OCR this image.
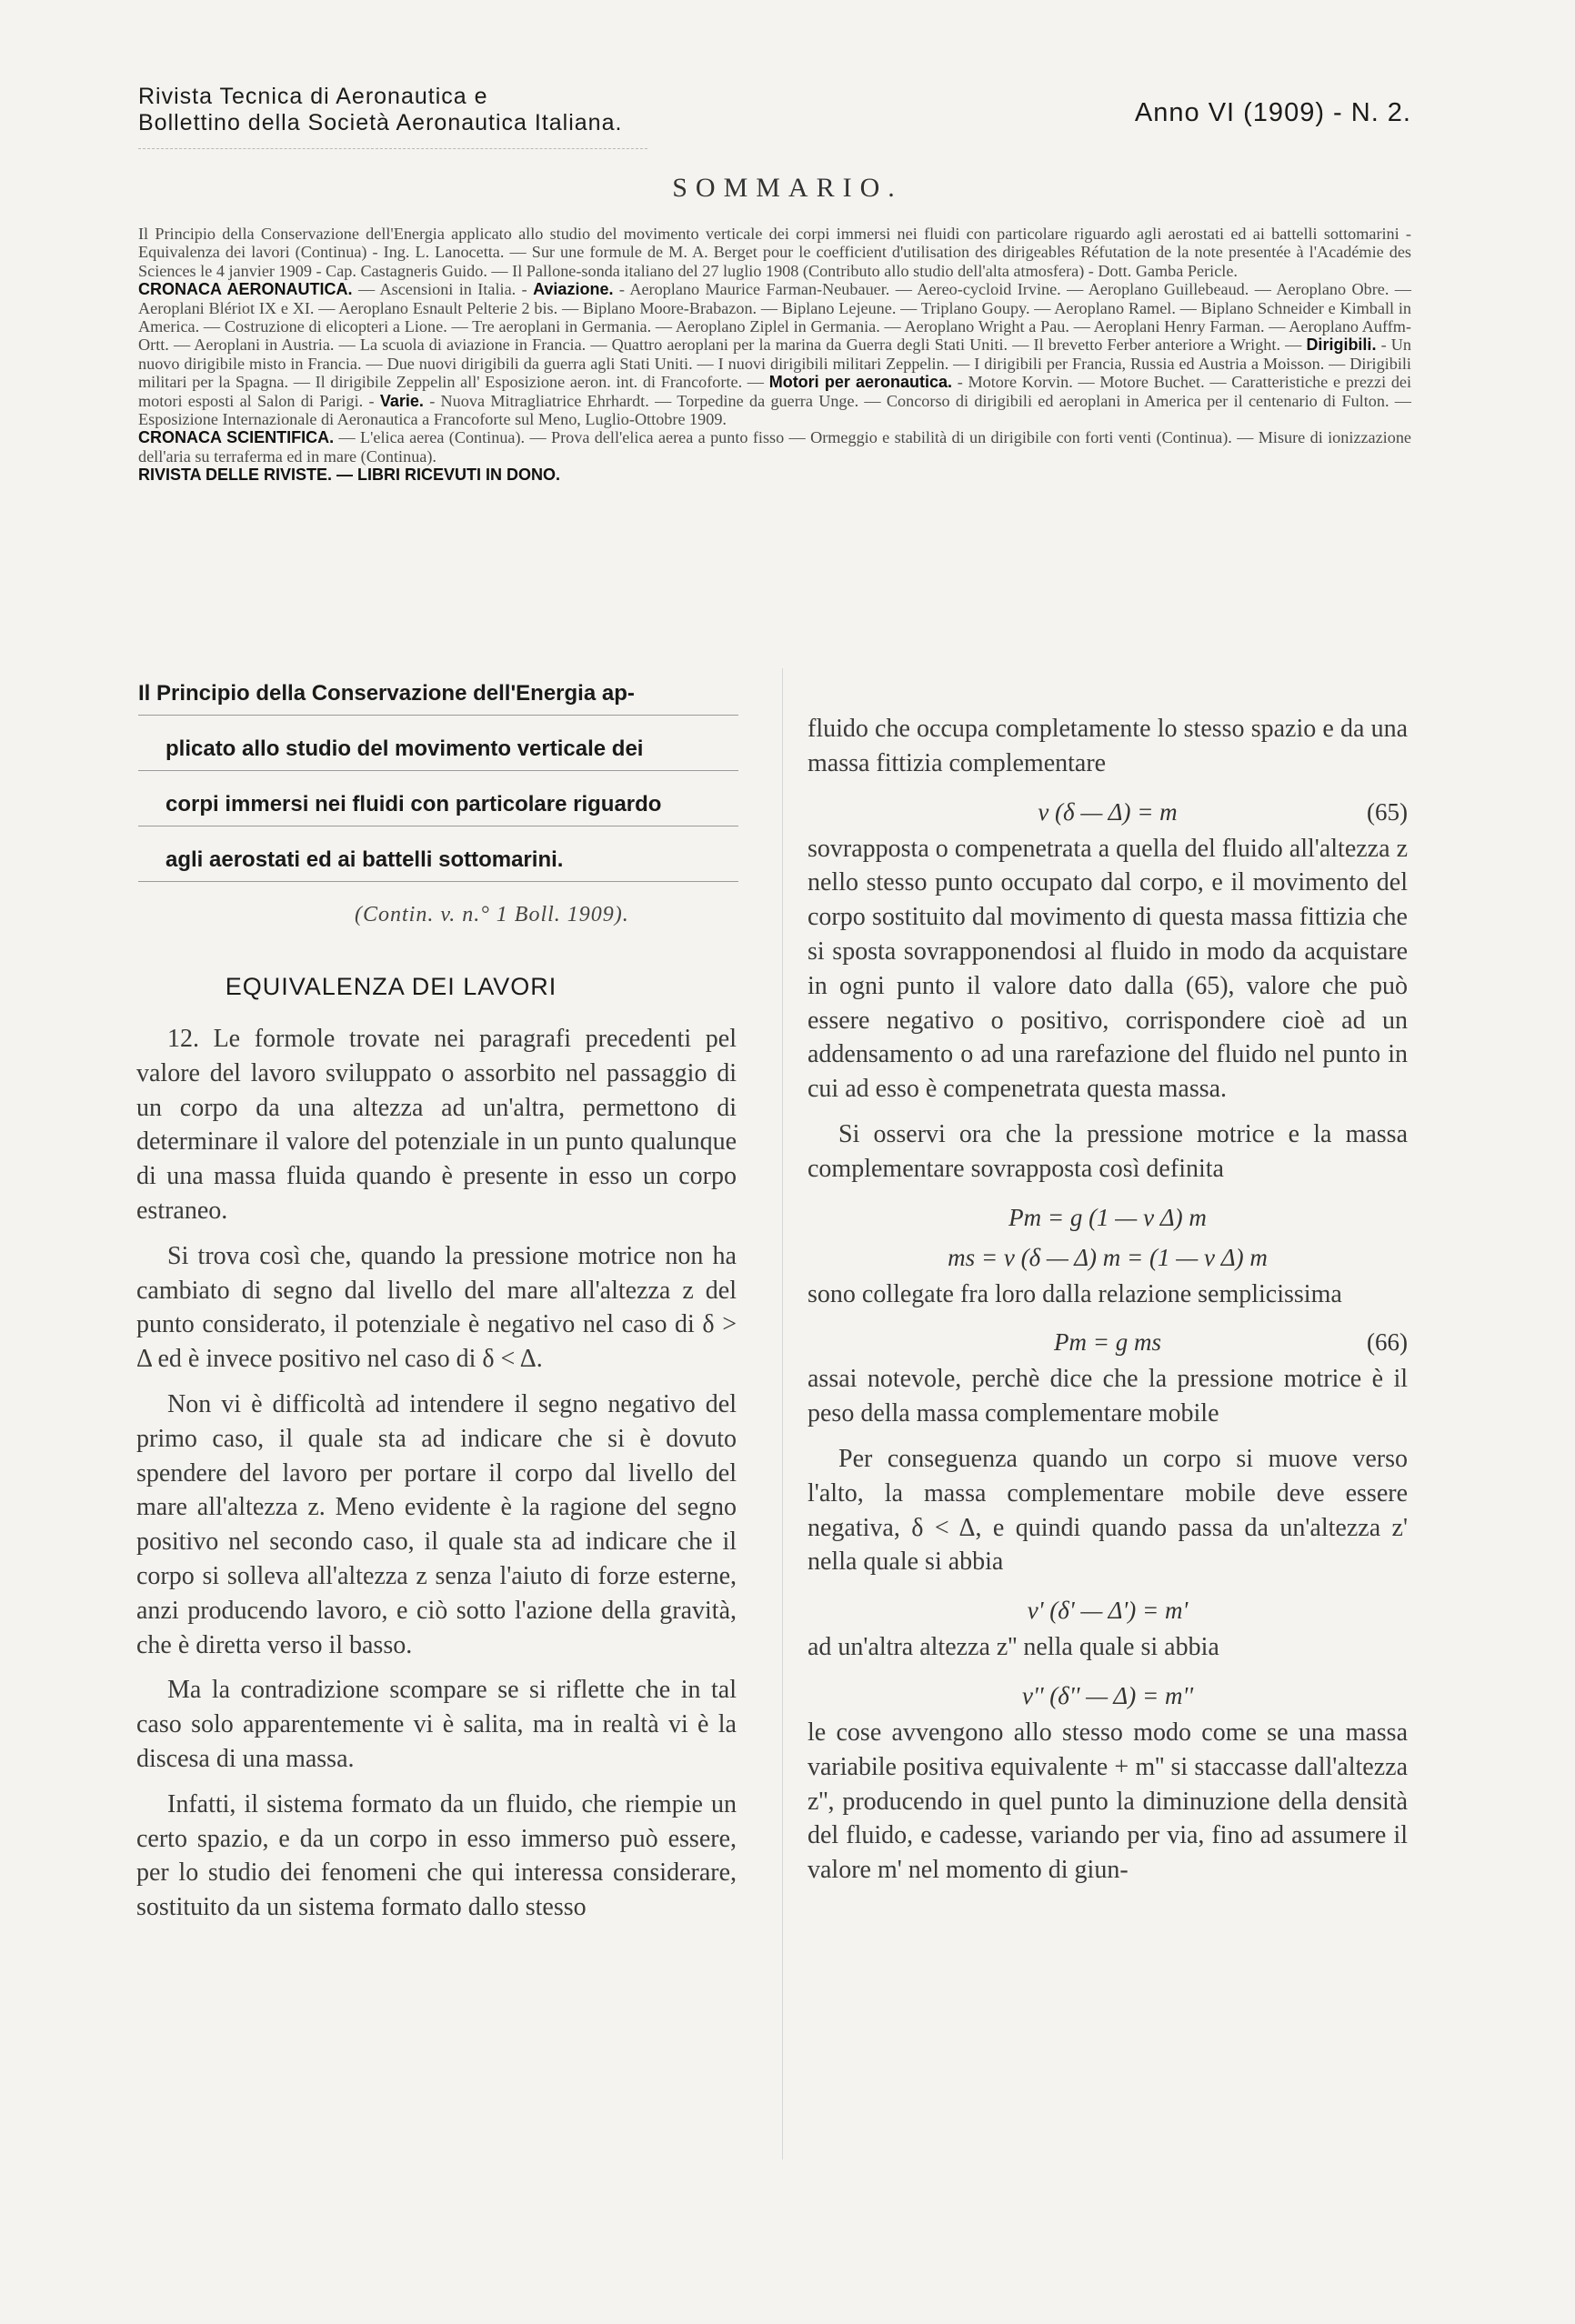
Rivista Tecnica di Aeronautica e
Bollettino della Società Aeronautica Italiana.	Anno VI (1909) - N. 2.
SOMMARIO.
Il Principio della Conservazione dell'Energia applicato allo studio del movimento verticale dei corpi immersi nei fluidi con particolare riguardo agli aerostati ed ai battelli sottomarini - Equivalenza dei lavori (Continua) - Ing. L. Lanocetta. — Sur une formule de M. A. Berget pour le coefficient d'utilisation des dirigeables Réfutation de la note presentée à l'Académie des Sciences le 4 janvier 1909 - Cap. Castagneris Guido. — Il Pallone-sonda italiano del 27 luglio 1908 (Contributo allo studio dell'alta atmosfera) - Dott. Gamba Pericle.
CRONACA AERONAUTICA. — Ascensioni in Italia. - Aviazione. - Aeroplano Maurice Farman-Neubauer. — Aereo-cycloid Irvine. — Aeroplano Guillebeaud. — Aeroplano Obre. — Aeroplani Blériot IX e XI. — Aeroplano Esnault Pelterie 2 bis. — Biplano Moore-Brabazon. — Biplano Lejeune. — Triplano Goupy. — Aeroplano Ramel. — Biplano Schneider e Kimball in America. — Costruzione di elicopteri a Lione. — Tre aeroplani in Germania. — Aeroplano Ziplel in Germania. — Aeroplano Wright a Pau. — Aeroplani Henry Farman. — Aeroplano Auffm-Ortt. — Aeroplani in Austria. — La scuola di aviazione in Francia. — Quattro aeroplani per la marina da Guerra degli Stati Uniti. — Il brevetto Ferber anteriore a Wright. — Dirigibili. - Un nuovo dirigibile misto in Francia. — Due nuovi dirigibili da guerra agli Stati Uniti. — I nuovi dirigibili militari Zeppelin. — I dirigibili per Francia, Russia ed Austria a Moisson. — Dirigibili militari per la Spagna. — Il dirigibile Zeppelin all' Esposizione aeron. int. di Francoforte. — Motori per aeronautica. - Motore Korvin. — Motore Buchet. — Caratteristiche e prezzi dei motori esposti al Salon di Parigi. - Varie. - Nuova Mitragliatrice Ehrhardt. — Torpedine da guerra Unge. — Concorso di dirigibili ed aeroplani in America per il centenario di Fulton. — Esposizione Internazionale di Aeronautica a Francoforte sul Meno, Luglio-Ottobre 1909.
CRONACA SCIENTIFICA. — L'elica aerea (Continua). — Prova dell'elica aerea a punto fisso — Ormeggio e stabilità di un dirigibile con forti venti (Continua). — Misure di ionizzazione dell'aria su terraferma ed in mare (Continua).
RIVISTA DELLE RIVISTE. — LIBRI RICEVUTI IN DONO.
Il Principio della Conservazione dell'Energia ap-
plicato allo studio del movimento verticale dei
corpi immersi nei fluidi con particolare riguardo
agli aerostati ed ai battelli sottomarini.
(Contin. v. n.° 1 Boll. 1909).
EQUIVALENZA DEI LAVORI

12. Le formole trovate nei paragrafi precedenti pel valore del lavoro sviluppato o assorbito nel passaggio di un corpo da una altezza ad un'altra, permettono di determinare il valore del potenziale in un punto qualunque di una massa fluida quando è presente in esso un corpo estraneo.

Si trova così che, quando la pressione motrice non ha cambiato di segno dal livello del mare all'altezza z del punto considerato, il potenziale è negativo nel caso di δ > Δ ed è invece positivo nel caso di δ < Δ.

Non vi è difficoltà ad intendere il segno negativo del primo caso, il quale sta ad indicare che si è dovuto spendere del lavoro per portare il corpo dal livello del mare all'altezza z. Meno evidente è la ragione del segno positivo nel secondo caso, il quale sta ad indicare che il corpo si solleva all'altezza z senza l'aiuto di forze esterne, anzi producendo lavoro, e ciò sotto l'azione della gravità, che è diretta verso il basso.

Ma la contradizione scompare se si riflette che in tal caso solo apparentemente vi è salita, ma in realtà vi è la discesa di una massa.

Infatti, il sistema formato da un fluido, che riempie un certo spazio, e da un corpo in esso immerso può essere, per lo studio dei fenomeni che qui interessa considerare, sostituito da un sistema formato dallo stesso

fluido che occupa completamente lo stesso spazio e da una massa fittizia complementare

v (δ — Δ) = m	(65)

sovrapposta o compenetrata a quella del fluido all'altezza z nello stesso punto occupato dal corpo, e il movimento del corpo sostituito dal movimento di questa massa fittizia che si sposta sovrapponendosi al fluido in modo da acquistare in ogni punto il valore dato dalla (65), valore che può essere negativo o positivo, corrispondere cioè ad un addensamento o ad una rarefazione del fluido nel punto in cui ad esso è compenetrata questa massa.

Si osservi ora che la pressione motrice e la massa complementare sovrapposta così definita

Pm = g (1 — v Δ) m
ms = v (δ — Δ) m = (1 — v Δ) m

sono collegate fra loro dalla relazione semplicissima

Pm = g ms	(66)

assai notevole, perchè dice che la pressione motrice è il peso della massa complementare mobile

Per conseguenza quando un corpo si muove verso l'alto, la massa complementare mobile deve essere negativa, δ < Δ, e quindi quando passa da un'altezza z' nella quale si abbia

v' (δ' — Δ') = m'

ad un'altra altezza z'' nella quale si abbia

v'' (δ'' — Δ) = m''

le cose avvengono allo stesso modo come se una massa variabile positiva equivalente + m'' si staccasse dall'altezza z'', producendo in quel punto la diminuzione della densità del fluido, e cadesse, variando per via, fino ad assumere il valore m' nel momento di giun-
